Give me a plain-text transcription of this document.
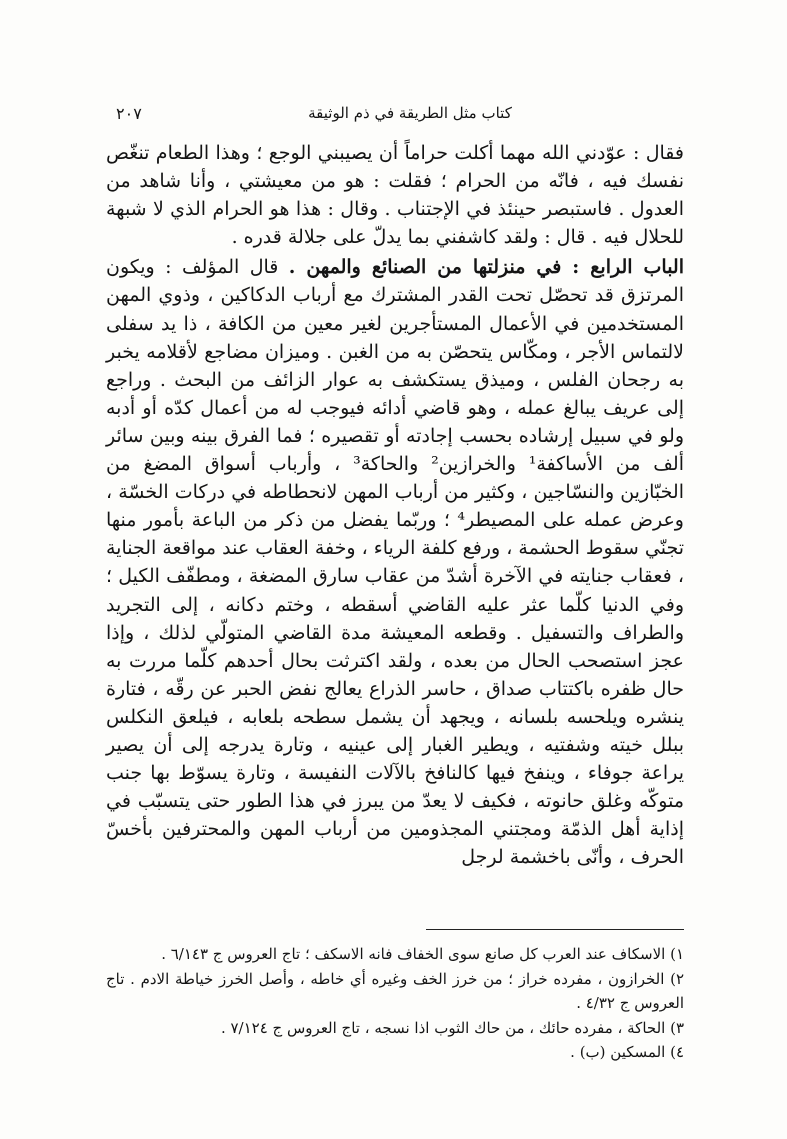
٢٠٧	كتاب مثل الطريقة في ذم الوثيقة

فقال : عوّدني الله مهما أكلت حراماً أن يصيبني الوجع ؛ وهذا الطعام تنغّص نفسك فيه ، فانّه من الحرام ؛ فقلت : هو من معيشتي ، وأنا شاهد من العدول . فاستبصر حينئذ في الإجتناب . وقال : هذا هو الحرام الذي لا شبهة للحلال فيه . قال : ولقد كاشفني بما يدلّ على جلالة قدره .

الباب الرابع : في منزلتها من الصنائع والمهن . قال المؤلف : ويكون المرتزق قد تحصّل تحت القدر المشترك مع أرباب الدكاكين ، وذوي المهن المستخدمين في الأعمال المستأجرين لغير معين من الكافة ، ذا يد سفلى لالتماس الأجر ، ومكّاس يتحصّن به من الغبن . وميزان مضاجع لأقلامه يخبر به رجحان الفلس ، وميذق يستكشف به عوار الزائف من البحث . وراجع إلى عريف يبالغ عمله ، وهو قاضي أدائه فيوجب له من أعمال كدّه أو أدبه ولو في سبيل إرشاده بحسب إجادته أو تقصيره ؛ فما الفرق بينه وبين سائر ألف من الأساكفة¹ والخرازين² والحاكة³ ، وأرباب أسواق المضغ من الخبّازين والنسّاجين ، وكثير من أرباب المهن لانحطاطه في دركات الخسّة ، وعرض عمله على المصيطر⁴ ؛ وربّما يفضل من ذكر من الباعة بأمور منها تجنّي سقوط الحشمة ، ورفع كلفة الرياء ، وخفة العقاب عند مواقعة الجناية ، فعقاب جنايته في الآخرة أشدّ من عقاب سارق المضغة ، ومطفّف الكيل ؛ وفي الدنيا كلّما عثر عليه القاضي أسقطه ، وختم دكانه ، إلى التجريد والطراف والتسفيل . وقطعه المعيشة مدة القاضي المتولّي لذلك ، وإذا عجز استصحب الحال من بعده ، ولقد اكترثت بحال أحدهم كلّما مررت به حال ظفره باكتتاب صداق ، حاسر الذراع يعالج نفض الحبر عن رقّه ، فتارة ينشره ويلحسه بلسانه ، ويجهد أن يشمل سطحه بلعابه ، فيلعق النكلس ببلل خيته وشفتيه ، ويطير الغبار إلى عينيه ، وتارة يدرجه إلى أن يصير يراعة جوفاء ، وينفخ فيها كالنافخ بالآلات النفيسة ، وتارة يسوّط بها جنب متوكّه وغلق حانوته ، فكيف لا يعدّ من يبرز في هذا الطور حتى يتسبّب في إذاية أهل الذمّة ومجتني المجذومين من أرباب المهن والمحترفين بأخسّ الحرف ، وأنّى باخشمة لرجل

١) الاسكاف عند العرب كل صانع سوى الخفاف فانه الاسكف ؛ تاج العروس ج ٦/١٤٣ .

٢) الخرازون ، مفرده خراز ؛ من خرز الخف وغيره أي خاطه ، وأصل الخرز خياطة الادم . تاج العروس ج ٤/٣٢ .

٣) الحاكة ، مفرده حائك ، من حاك الثوب اذا نسجه ، تاج العروس ج ٧/١٢٤ .

٤) المسكين (ب) .
